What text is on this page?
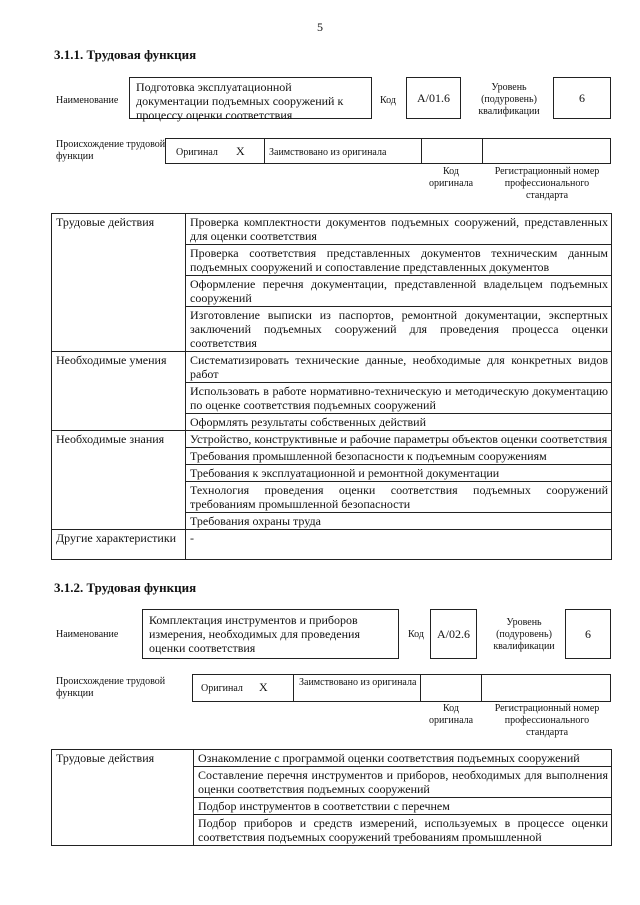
5
3.1.1. Трудовая функция
Наименование
Подготовка эксплуатационной документации подъемных сооружений к процессу оценки соответствия
Код	А/01.6
Уровень (подуровень) квалификации
6
Происхождение трудовой функции	Оригинал X Заимствовано из оригинала
Код оригинала
Регистрационный номер профессионального стандарта
Трудовые действия	Проверка комплектности документов подъемных сооружений, представленных для оценки соответствия
	Проверка соответствия представленных документов техническим данным подъемных сооружений и сопоставление представленных документов
	Оформление перечня документации, представленной владельцем подъемных сооружений
	Изготовление выписки из паспортов, ремонтной документации, экспертных заключений подъемных сооружений для проведения процесса оценки соответствия
Необходимые умения	Систематизировать технические данные, необходимые для конкретных видов работ
	Использовать в работе нормативно-техническую и методическую документацию по оценке соответствия подъемных сооружений
	Оформлять результаты собственных действий
Необходимые знания	Устройство, конструктивные и рабочие параметры объектов оценки соответствия
	Требования промышленной безопасности к подъемным сооружениям
	Требования к эксплуатационной и ремонтной документации
	Технология проведения оценки соответствия подъемных сооружений требованиям промышленной безопасности
	Требования охраны труда
Другие характеристики	-
3.1.2. Трудовая функция
Наименование
Комплектация инструментов и приборов измерения, необходимых для проведения оценки соответствия
Код	А/02.6
Уровень (подуровень) квалификации
6
Происхождение трудовой функции	Оригинал X	Заимствовано из оригинала
Код оригинала
Регистрационный номер профессионального стандарта
Трудовые действия	Ознакомление с программой оценки соответствия подъемных сооружений
Составление перечня инструментов и приборов, необходимых для выполнения оценки соответствия подъемных сооружений
Подбор инструментов в соответствии с перечнем
Подбор приборов и средств измерений, используемых в процессе оценки соответствия подъемных сооружений требованиям промышленной
